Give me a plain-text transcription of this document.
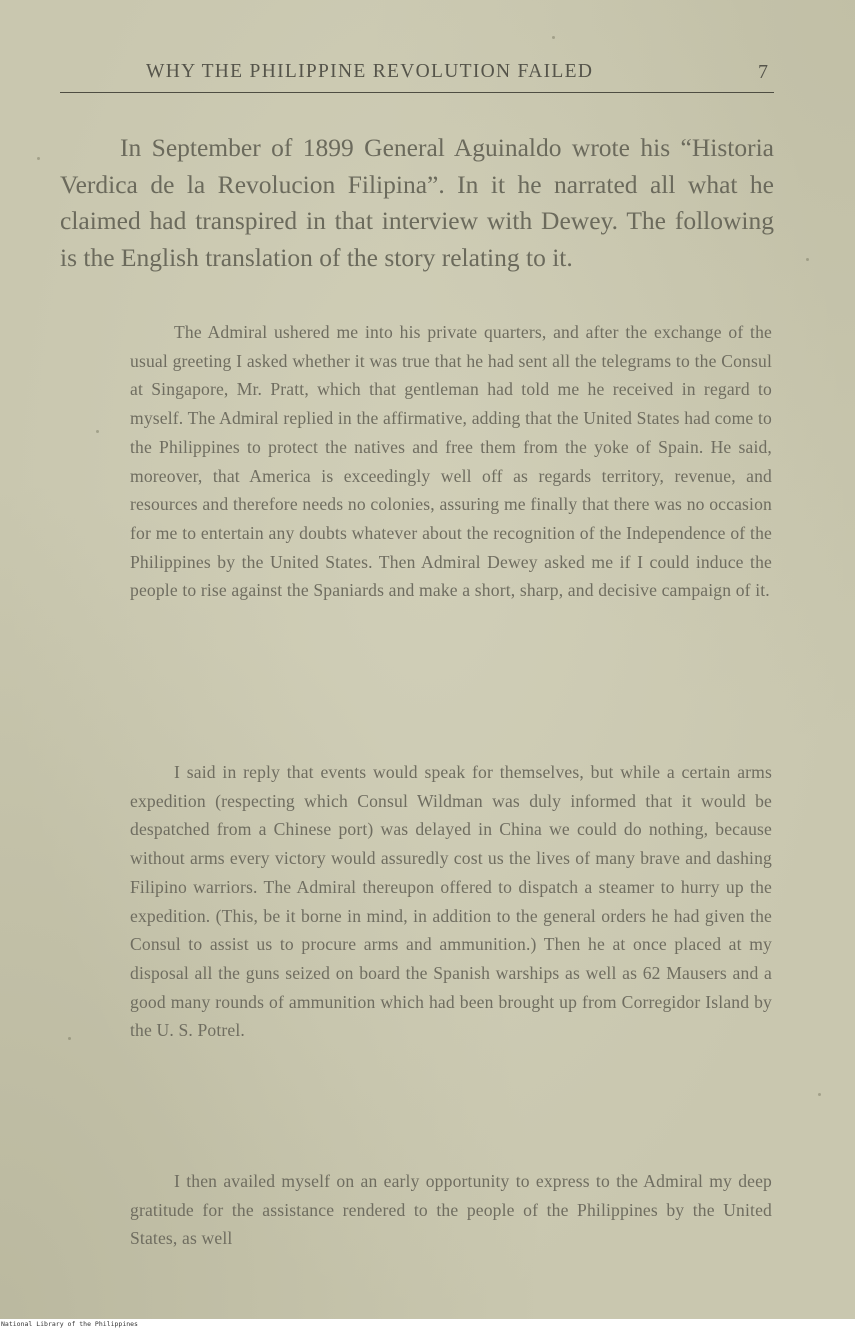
WHY THE PHILIPPINE REVOLUTION FAILED	7

In September of 1899 General Aguinaldo wrote his “Historia Verdica de la Revolucion Filipina”. In it he narrated all what he claimed had transpired in that interview with Dewey. The following is the English translation of the story relating to it.

The Admiral ushered me into his private quarters, and after the exchange of the usual greeting I asked whether it was true that he had sent all the telegrams to the Consul at Singapore, Mr. Pratt, which that gentleman had told me he received in regard to myself. The Admiral replied in the affirmative, adding that the United States had come to the Philippines to protect the natives and free them from the yoke of Spain. He said, moreover, that America is exceedingly well off as regards territory, revenue, and resources and therefore needs no colonies, assuring me finally that there was no occasion for me to entertain any doubts whatever about the recognition of the Independence of the Philippines by the United States. Then Admiral Dewey asked me if I could induce the people to rise against the Spaniards and make a short, sharp, and decisive campaign of it.

I said in reply that events would speak for themselves, but while a certain arms expedition (respecting which Consul Wildman was duly informed that it would be despatched from a Chinese port) was delayed in China we could do nothing, because without arms every victory would assuredly cost us the lives of many brave and dashing Filipino warriors. The Admiral thereupon offered to dispatch a steamer to hurry up the expedition. (This, be it borne in mind, in addition to the general orders he had given the Consul to assist us to procure arms and ammunition.) Then he at once placed at my disposal all the guns seized on board the Spanish warships as well as 62 Mausers and a good many rounds of ammunition which had been brought up from Corregidor Island by the U. S. Potrel.

I then availed myself on an early opportunity to express to the Admiral my deep gratitude for the assistance rendered to the people of the Philippines by the United States, as well

National Library of the Philippines
